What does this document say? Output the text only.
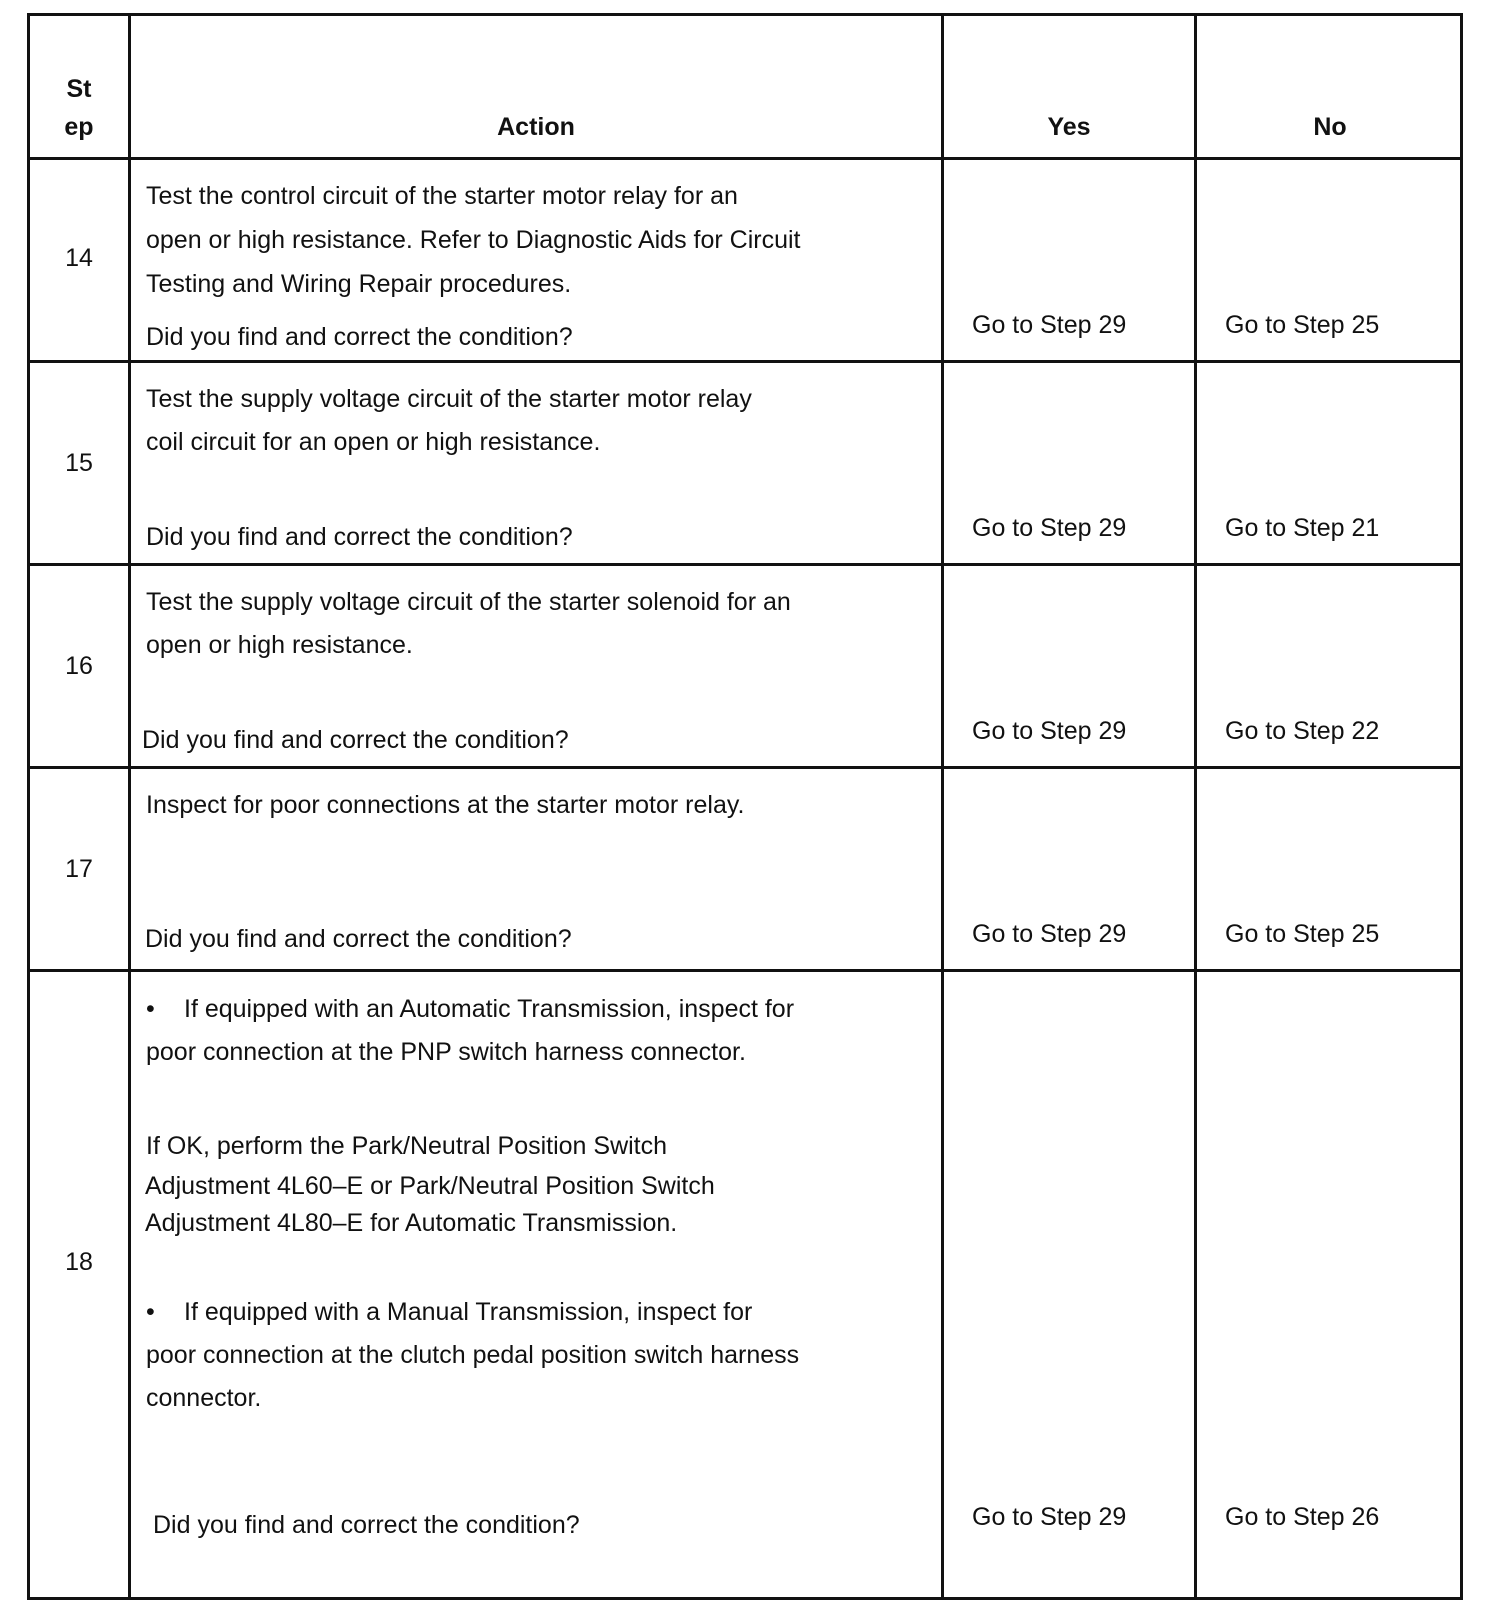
St
ep	Action	Yes	No
14
Test the control circuit of the starter motor relay for an
open or high resistance. Refer to Diagnostic Aids for Circuit
Testing and Wiring Repair procedures.
Did you find and correct the condition?	Go to Step 29	Go to Step 25
15
Test the supply voltage circuit of the starter motor relay
coil circuit for an open or high resistance.
Did you find and correct the condition?	Go to Step 29	Go to Step 21
16
Test the supply voltage circuit of the starter solenoid for an
open or high resistance.
Did you find and correct the condition?	Go to Step 29	Go to Step 22
17
Inspect for poor connections at the starter motor relay.
Did you find and correct the condition?	Go to Step 29	Go to Step 25
18
• If equipped with an Automatic Transmission, inspect for
poor connection at the PNP switch harness connector.
If OK, perform the Park/Neutral Position Switch
Adjustment 4L60–E or Park/Neutral Position Switch
Adjustment 4L80–E for Automatic Transmission.
• If equipped with a Manual Transmission, inspect for
poor connection at the clutch pedal position switch harness
connector.
Did you find and correct the condition?	Go to Step 29	Go to Step 26
